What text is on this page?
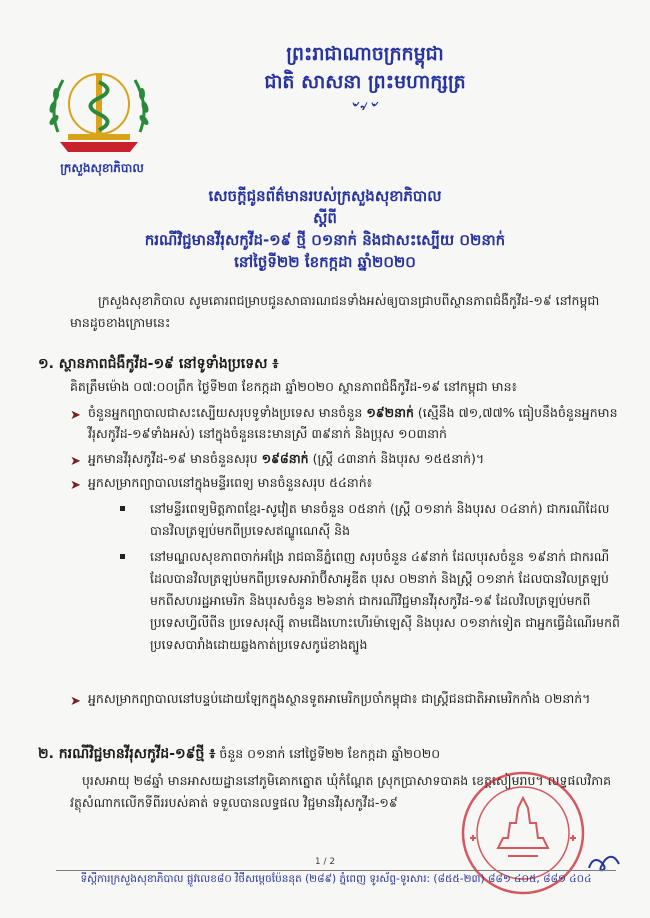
ក្រសួងសុខាភិបាល
ព្រះរាជាណាចក្រកម្ពុជា
ជាតិ សាសនា ព្រះមហាក្សត្រ
৺৵৺
សេចក្តីជូនព័ត៌មានរបស់ក្រសួងសុខាភិបាល
ស្តីពី
ករណីវិជ្ជមានវីរុសកូវីដ-១៩ ថ្មី ០១នាក់ និងជាសះស្បើយ ០២នាក់
នៅថ្ងៃទី២២ ខែកក្កដា ឆ្នាំ២០២០
ក្រសួងសុខាភិបាល សូមគោរពជម្រាបជូនសាធារណជនទាំងអស់ឲ្យបានជ្រាបពីស្ថានភាពជំងឺកូវីដ-១៩ នៅកម្ពុជា មានដូចខាងក្រោមនេះ
១. ស្ថានភាពជំងឺកូវីដ-១៩ នៅទូទាំងប្រទេស ៖
គិតត្រឹមម៉ោង ០៧:០០ព្រឹក ថ្ងៃទី២៣ ខែកក្កដា ឆ្នាំ២០២០ ស្ថានភាពជំងឺកូវីដ-១៩ នៅកម្ពុជា មាន៖
➤ ចំនួនអ្នកព្យាបាលជាសះស្បើយសរុបទូទាំងប្រទេស មានចំនួន ១៩២នាក់ (ស្មើនឹង ៧១,៧៧% ធៀបនឹងចំនួនអ្នកមានវីរុសកូវីដ-១៩ទាំងអស់) នៅក្នុងចំនួននេះមានស្រី ៣៩នាក់ និងប្រុស ១០៣នាក់
➤ អ្នកមានវីរុសកូវីដ-១៩ មានចំនួនសរុប ១៩៨នាក់ (ស្ត្រី ៤៣នាក់ និងបុរស ១៥៥នាក់)។
➤ អ្នកសម្រាកព្យាបាលនៅក្នុងមន្ទីរពេទ្យ មានចំនួនសរុប ៥៤នាក់៖
នៅមន្ទីរពេទ្យមិត្តភាពខ្មែរ-សូវៀត មានចំនួន ០៥នាក់ (ស្ត្រី ០១នាក់ និងបុរស ០៤នាក់) ជាករណីដែលបានវិលត្រឡប់មកពីប្រទេសឥណ្ឌូណេស៊ី និង
នៅមណ្ឌលសុខភាពចាក់អង្រែ រាជធានីភ្នំពេញ សរុបចំនួន ៤៩នាក់ ដែលបុរសចំនួន ១៩នាក់ ជាករណីដែលបានវិលត្រឡប់មកពីប្រទេសអារ៉ាប៊ីសាអូឌីត បុរស ០២នាក់ និងស្ត្រី ០១នាក់ ដែលបានវិលត្រឡប់មកពីសហរដ្ឋអាមេរិក និងបុរសចំនួន ២៦នាក់ ជាករណីវិជ្ជមានវីរុសកូវីដ-១៩ ដែលវិលត្រឡប់មកពីប្រទេសហ្វីលីពីន ប្រទេសរុស្ស៊ី តាមជើងហោះហើរម៉ាឡេស៊ី និងបុរស ០១នាក់ទៀត ជាអ្នកធ្វើដំណើរមកពីប្រទេសបារាំងដោយឆ្លងកាត់ប្រទេសកូរ៉េខាងត្បូង
➤ អ្នកសម្រាកព្យាបាលនៅបន្ទប់ដោយឡែកក្នុងស្ថានទូតអាមេរិកប្រចាំកម្ពុជា៖ ជាស្ត្រីជនជាតិអាមេរិកកាំង ០២នាក់។
២. ករណីវិជ្ជមានវីរុសកូវីដ-១៩ថ្មី ៖ ចំនួន ០១នាក់ នៅថ្ងៃទី២២ ខែកក្កដា ឆ្នាំ២០២០
បុរសអាយុ ២៨ឆ្នាំ មានអាសយដ្ឋាននៅភូមិគោកត្នោត ឃុំកំណ្តែត ស្រុកប្រាសាទបាគង ខេត្តសៀមរាប។ លទ្ធផលវិភាគវត្ថុសំណាកលើកទីពីររបស់គាត់ ទទួលបានលទ្ធផល វិជ្ជមានវីរុសកូវីដ-១៩
1 / 2
ទីស្តីការក្រសួងសុខាភិបាល ផ្លូវលេខ៨០ វិថីសម្តេចប៉ែននុត (២៨៩) ភ្នំពេញ ទូរស័ព្ទ-ទូរសារ: (៨៥៥-២៣) ៨៨១ ៤០៥, ៨៨១ ៤០៤
